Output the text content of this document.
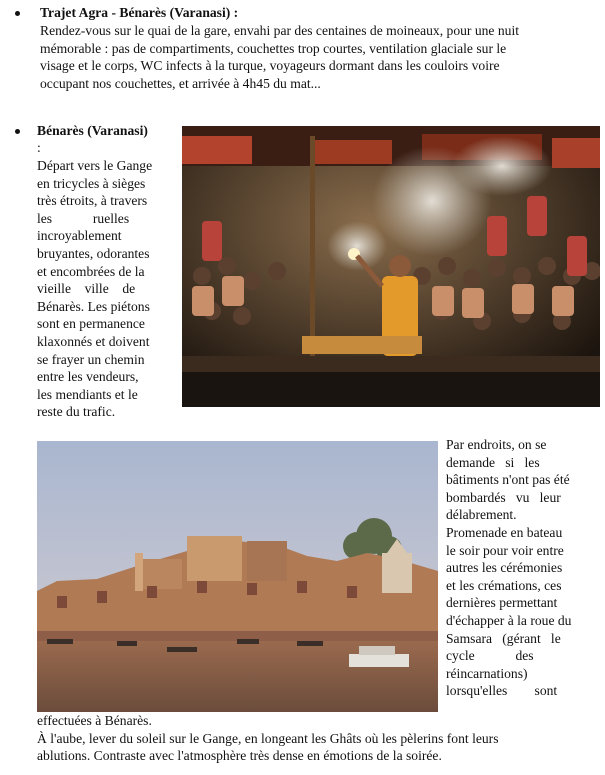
Trajet Agra - Bénarès (Varanasi) :
Rendez-vous sur le quai de la gare, envahi par des centaines de moineaux, pour une nuit
mémorable : pas de compartiments, couchettes trop courtes, ventilation glaciale sur le
visage et le corps, WC infects à la turque, voyageurs dormant dans les couloirs voire
occupant nos couchettes, et arrivée à 4h45 du mat...
Bénarès (Varanasi)
:
Départ vers le Gange
en tricycles à sièges
très étroits, à travers
les            ruelles
incroyablement
bruyantes, odorantes
et encombrées de la
vieille    ville    de
Bénarès. Les piétons
sont en permanence
klaxonnés et doivent
se frayer un chemin
entre les vendeurs,
les mendiants et le
reste du trafic.
Par endroits, on se
demande   si   les
bâtiments n'ont pas été
bombardés   vu   leur
délabrement.
Promenade en bateau
le soir pour voir entre
autres les cérémonies
et les crémations, ces
dernières permettant
d'échapper à la roue du
Samsara   (gérant   le
cycle            des
réincarnations)
lorsqu'elles        sont
effectuées à Bénarès.
À l'aube, lever du soleil sur le Gange, en longeant les Ghâts où les pèlerins font leurs
ablutions. Contraste avec l'atmosphère très dense en émotions de la soirée.
